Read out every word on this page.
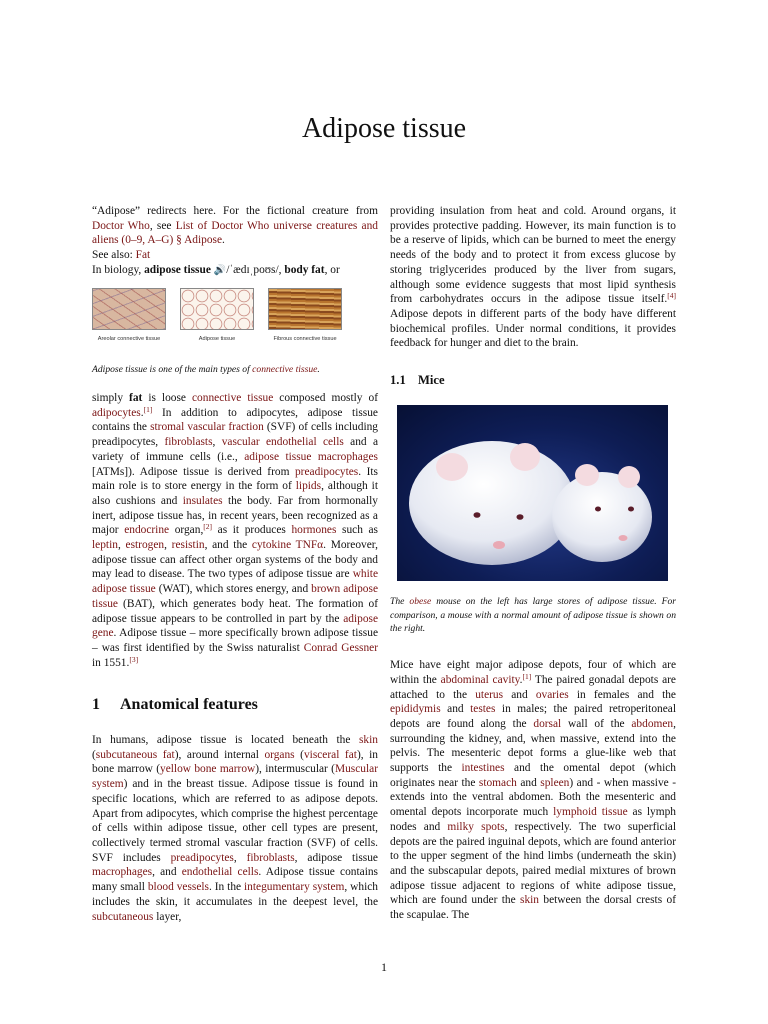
Adipose tissue

“Adipose” redirects here. For the fictional creature from Doctor Who, see List of Doctor Who universe creatures and aliens (0–9, A–G) § Adipose.

See also: Fat

In biology, adipose tissue 🔊/ˈædɪˌpoʊs/, body fat, or

Areolar connective tissue	Adipose tissue	Fibrous connective tissue

Adipose tissue is one of the main types of connective tissue.

simply fat is loose connective tissue composed mostly of adipocytes.[1] In addition to adipocytes, adipose tissue contains the stromal vascular fraction (SVF) of cells including preadipocytes, fibroblasts, vascular endothelial cells and a variety of immune cells (i.e., adipose tissue macrophages [ATMs]). Adipose tissue is derived from preadipocytes. Its main role is to store energy in the form of lipids, although it also cushions and insulates the body. Far from hormonally inert, adipose tissue has, in recent years, been recognized as a major endocrine organ,[2] as it produces hormones such as leptin, estrogen, resistin, and the cytokine TNFα. Moreover, adipose tissue can affect other organ systems of the body and may lead to disease. The two types of adipose tissue are white adipose tissue (WAT), which stores energy, and brown adipose tissue (BAT), which generates body heat. The formation of adipose tissue appears to be controlled in part by the adipose gene. Adipose tissue – more specifically brown adipose tissue – was first identified by the Swiss naturalist Conrad Gessner in 1551.[3]

1 Anatomical features

In humans, adipose tissue is located beneath the skin (subcutaneous fat), around internal organs (visceral fat), in bone marrow (yellow bone marrow), intermuscular (Muscular system) and in the breast tissue. Adipose tissue is found in specific locations, which are referred to as adipose depots. Apart from adipocytes, which comprise the highest percentage of cells within adipose tissue, other cell types are present, collectively termed stromal vascular fraction (SVF) of cells. SVF includes preadipocytes, fibroblasts, adipose tissue macrophages, and endothelial cells. Adipose tissue contains many small blood vessels. In the integumentary system, which includes the skin, it accumulates in the deepest level, the subcutaneous layer,

providing insulation from heat and cold. Around organs, it provides protective padding. However, its main function is to be a reserve of lipids, which can be burned to meet the energy needs of the body and to protect it from excess glucose by storing triglycerides produced by the liver from sugars, although some evidence suggests that most lipid synthesis from carbohydrates occurs in the adipose tissue itself.[4] Adipose depots in different parts of the body have different biochemical profiles. Under normal conditions, it provides feedback for hunger and diet to the brain.

1.1 Mice

The obese mouse on the left has large stores of adipose tissue. For comparison, a mouse with a normal amount of adipose tissue is shown on the right.

Mice have eight major adipose depots, four of which are within the abdominal cavity.[1] The paired gonadal depots are attached to the uterus and ovaries in females and the epididymis and testes in males; the paired retroperitoneal depots are found along the dorsal wall of the abdomen, surrounding the kidney, and, when massive, extend into the pelvis. The mesenteric depot forms a glue-like web that supports the intestines and the omental depot (which originates near the stomach and spleen) and - when massive - extends into the ventral abdomen. Both the mesenteric and omental depots incorporate much lymphoid tissue as lymph nodes and milky spots, respectively. The two superficial depots are the paired inguinal depots, which are found anterior to the upper segment of the hind limbs (underneath the skin) and the subscapular depots, paired medial mixtures of brown adipose tissue adjacent to regions of white adipose tissue, which are found under the skin between the dorsal crests of the scapulae. The

1
